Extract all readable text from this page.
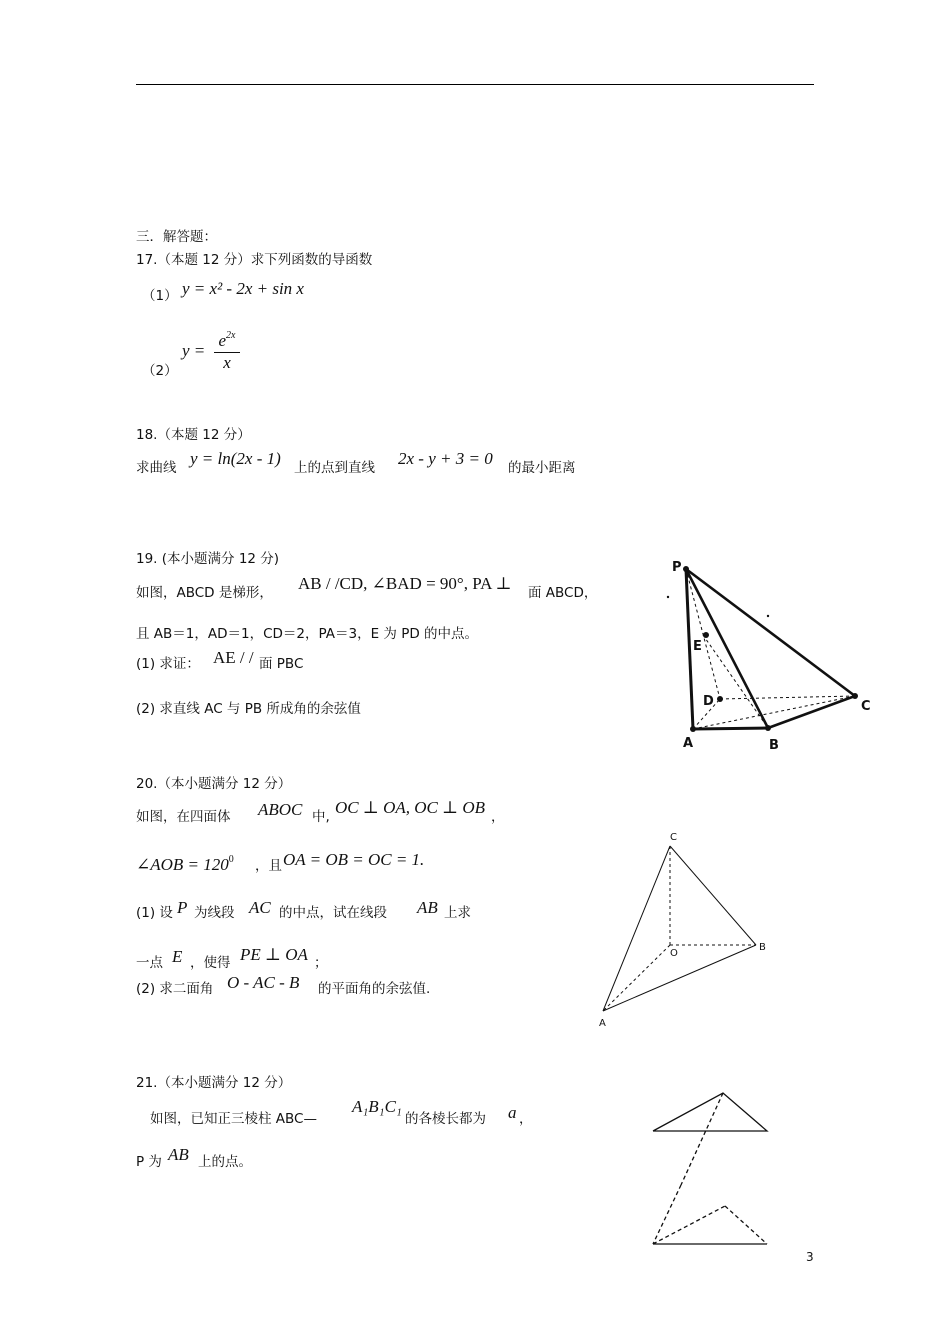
三．解答题：
17.（本题 12 分）求下列函数的导函数
（1） y = x² - 2x + sin x
（2）
y =
$e^{2x}$
x
18.（本题 12 分）
求曲线 y = ln(2x - 1) 上的点到直线 2x - y + 3 = 0 的最小距离
19. (本小题满分 12 分)
如图，ABCD 是梯形， AB / /CD, ∠BAD = 90°, PA ⊥ 面 ABCD，
且 AB＝1，AD＝1，CD＝2，PA＝3，E 为 PD 的中点。
(1) 求证： AE / / 面 PBC
(2) 求直线 AC 与 PB 所成角的余弦值
P
E
D	C
A	B
20.（本小题满分 12 分）
如图，在四面体 ABOC 中, OC ⊥ OA, OC ⊥ OB ，
∠AOB = $120^0$ ，且 OA = OB = OC = 1.
(1) 设 P 为线段 AC 的中点，试在线段 AB 上求
一点 E ，使得 PE ⊥ OA ；
(2) 求二面角 O - AC - B 的平面角的余弦值.
C
O
B
A
21.（本小题满分 12 分）
如图，已知正三棱柱 ABC—
A₁B₁C₁
的各棱长都为 a ，
P 为 AB 上的点。
3
